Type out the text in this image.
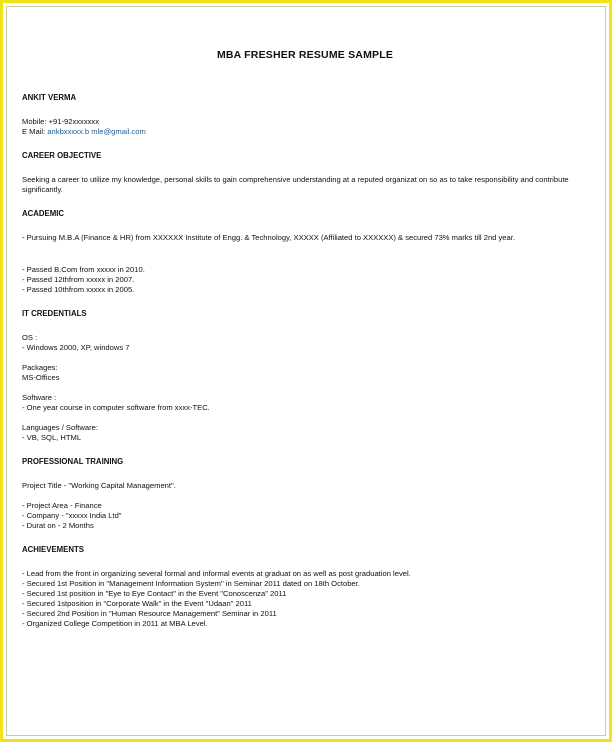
MBA FRESHER RESUME SAMPLE

ANKIT VERMA

Mobile: +91-92xxxxxxx

E Mail: ankbxxxxx.b mle@gmail.com

CAREER OBJECTIVE

Seeking a career to utilize my knowledge, personal skills to gain comprehensive understanding at a reputed organizat on so as to take responsibility and contribute significantly.

ACADEMIC

- Pursuing M.B.A (Finance & HR) from XXXXXX Institute of Engg. & Technology, XXXXX (Affiliated to XXXXXX) & secured 73% marks till 2nd year.

- Passed B.Com from xxxxx in 2010.

- Passed 12thfrom xxxxx in 2007.

- Passed 10thfrom xxxxx in 2005.

IT CREDENTIALS

OS :

- Windows 2000, XP, windows 7

Packages:

MS-Offices

Software :

- One year course in computer software from xxxx-TEC.

Languages / Software:

- VB, SQL, HTML

PROFESSIONAL TRAINING

Project Title - "Working Capital Management".

- Project Area - Finance

- Company - "xxxxx India Ltd"

- Durat on - 2 Months

ACHIEVEMENTS

- Lead from the front in organizing several formal and informal events at graduat on as well as post graduation level.

- Secured 1st Position in "Management Information System" in Seminar 2011 dated on 18th October.

- Secured 1st position in "Eye to Eye Contact" in the Event "Conoscenza" 2011

- Secured 1stposition in "Corporate Walk" in the Event "Udaan" 2011

- Secured 2nd Position in "Human Resource Management" Seminar in 2011

- Organized College Competition in 2011 at MBA Level.
